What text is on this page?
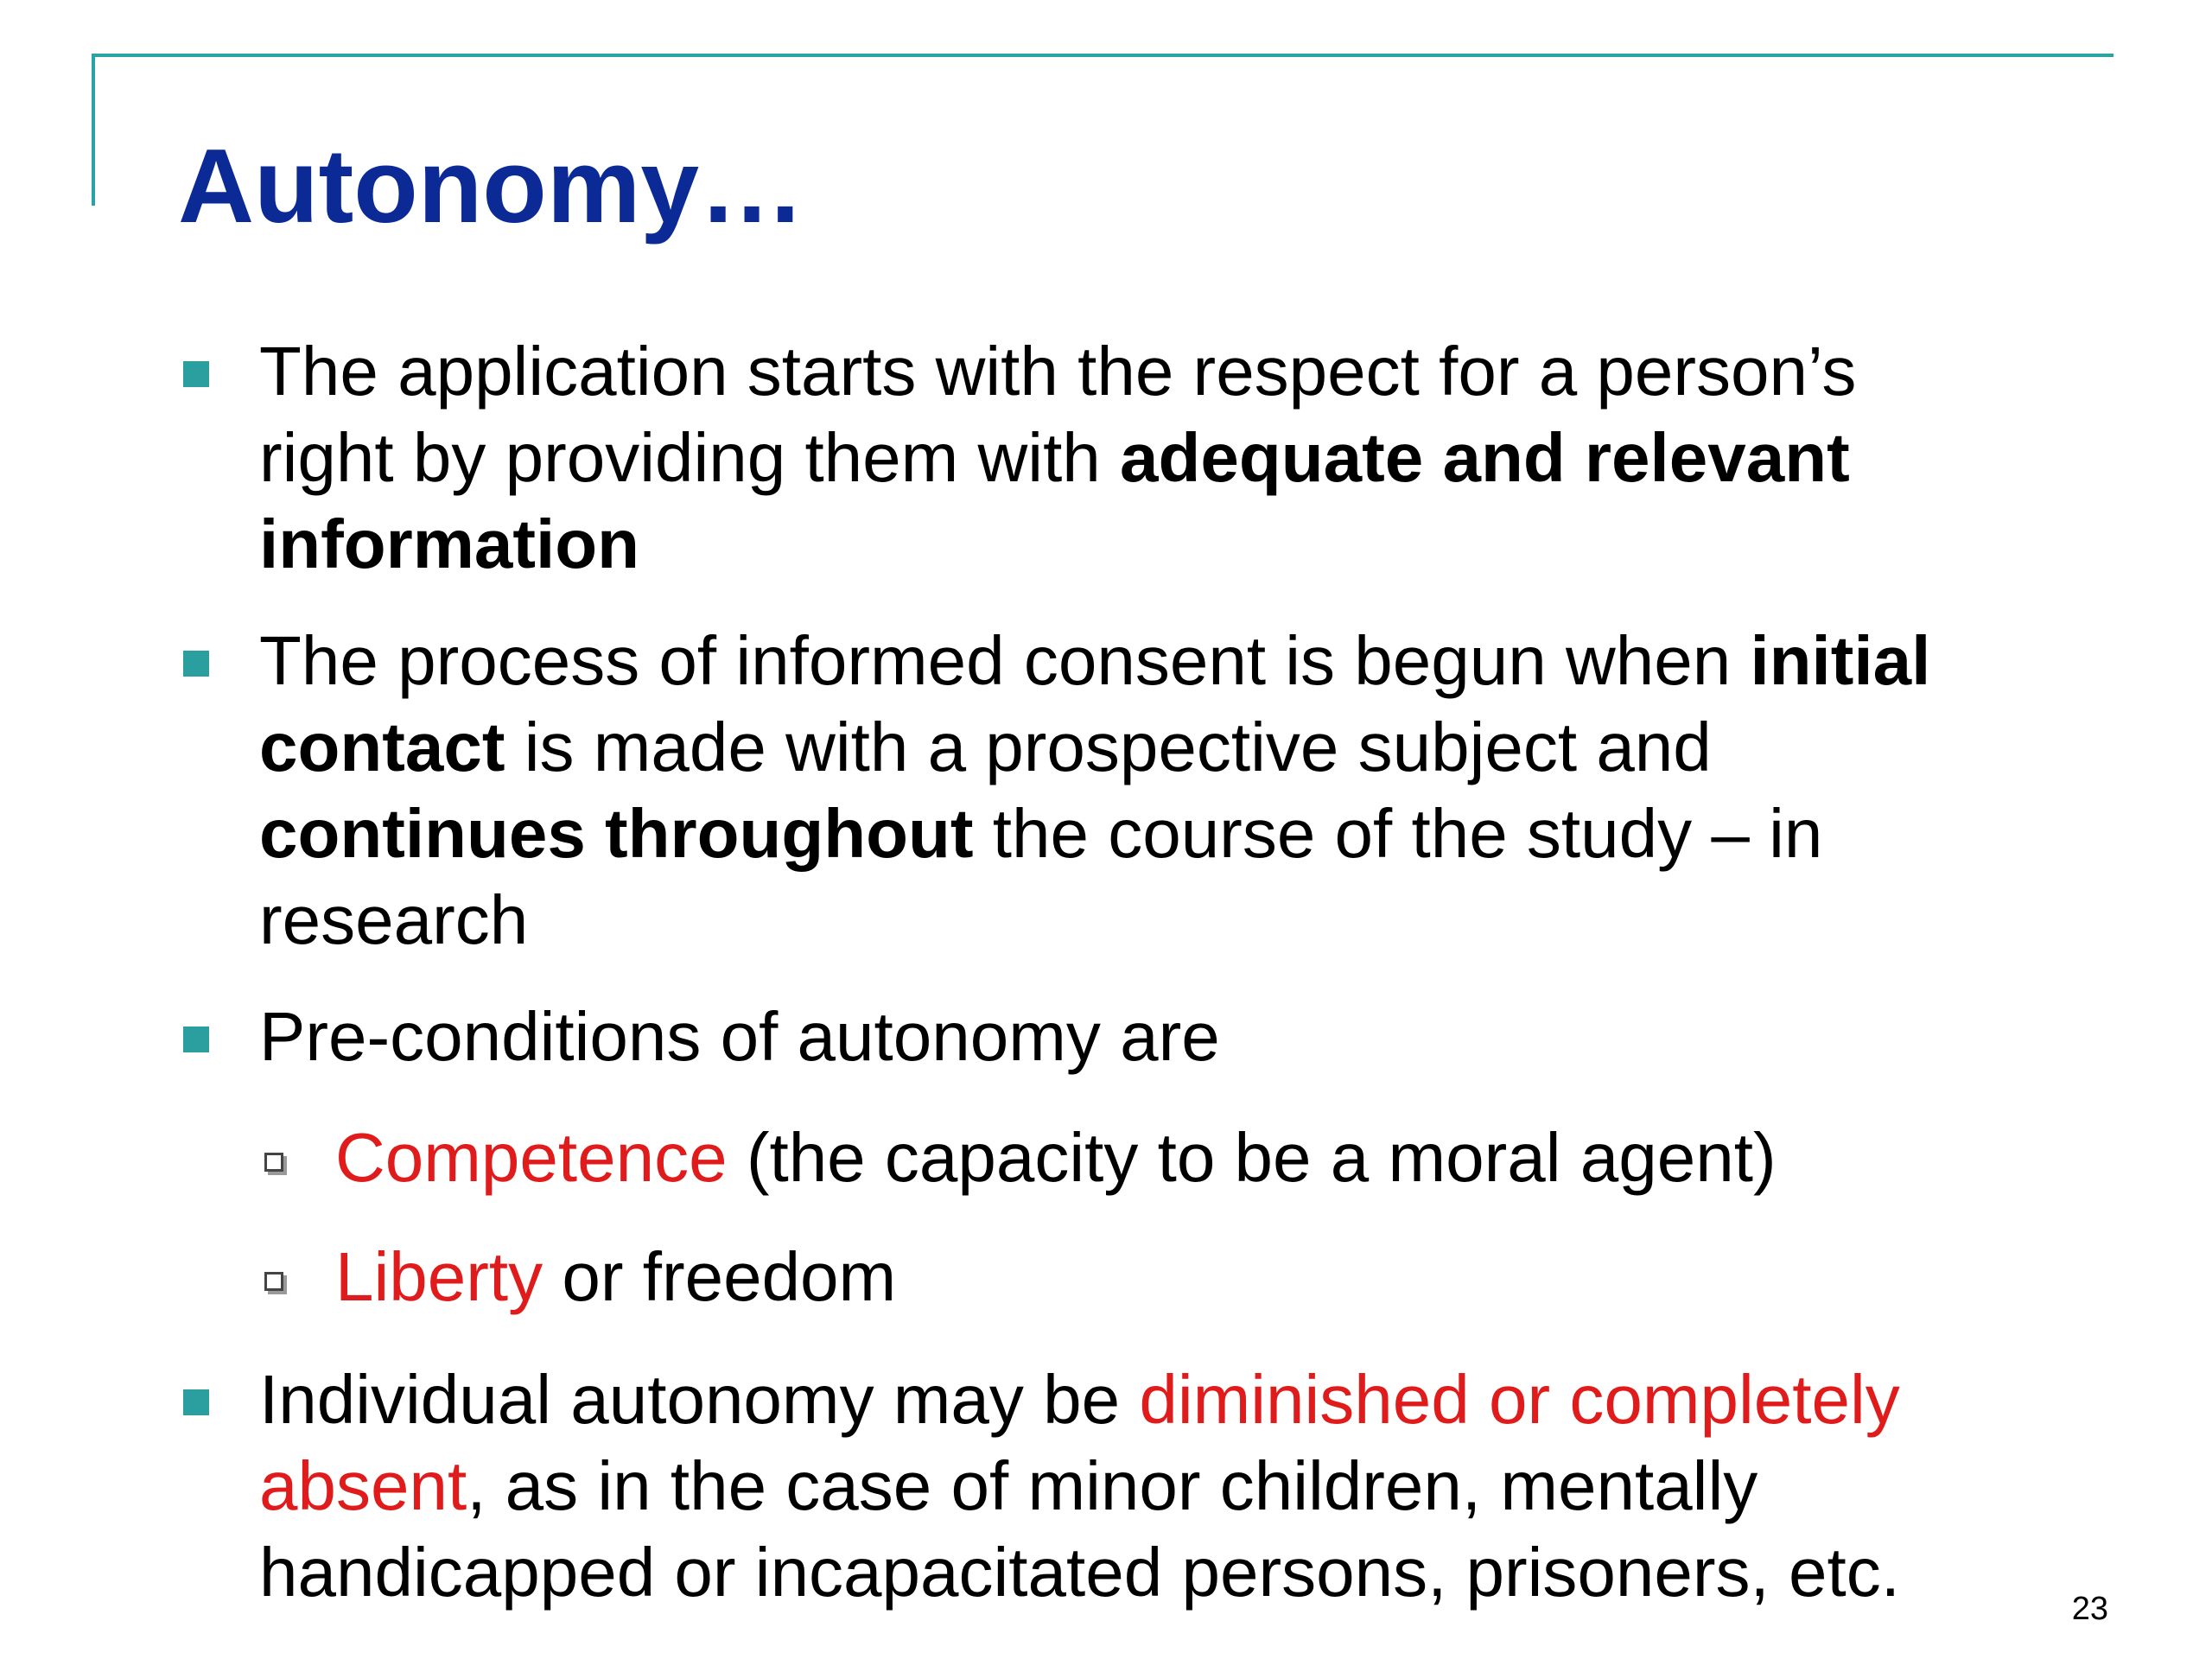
Autonomy…
The application starts with the respect for a person’s
right by providing them with adequate and relevant
information
The process of informed consent is begun when initial
contact is made with a prospective subject and
continues throughout the course of the study – in
research
Pre-conditions of autonomy are
Competence (the capacity to be a moral agent)
Liberty or freedom
Individual autonomy may be diminished or completely
absent, as in the case of minor children, mentally
handicapped or incapacitated persons, prisoners, etc.	23
